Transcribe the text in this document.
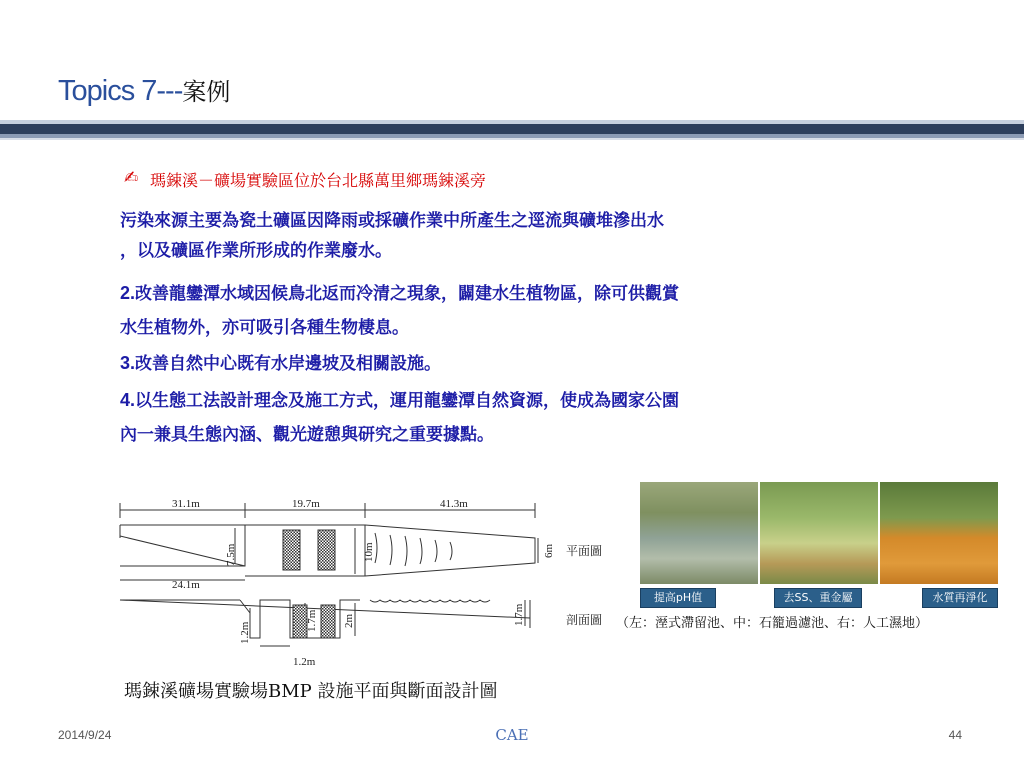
Topics 7---案例
✍ 瑪鋉溪－礦場實驗區位於台北縣萬里鄉瑪鋉溪旁
污染來源主要為瓷土礦區因降雨或採礦作業中所產生之逕流與礦堆滲出水
，以及礦區作業所形成的作業廢水。
2.改善龍鑾潭水域因候鳥北返而冷清之現象，闢建水生植物區，除可供觀賞
水生植物外，亦可吸引各種生物棲息。
3.改善自然中心既有水岸邊坡及相關設施。
4.以生態工法設計理念及施工方式，運用龍鑾潭自然資源，使成為國家公園
內一兼具生態內涵、觀光遊憩與研究之重要據點。
31.1m	19.7m	41.3m
24.1m
7.5m	10m	6m
1.2m
1.7m 2m	1.7m
1.2m
平面圖
剖面圖
提高pH值	去SS、重金屬	水質再淨化
（左：溼式滯留池、中：石籠過濾池、右：人工濕地）
瑪鋉溪礦場實驗場BMP 設施平面與斷面設計圖
2014/9/24	CAE	44
